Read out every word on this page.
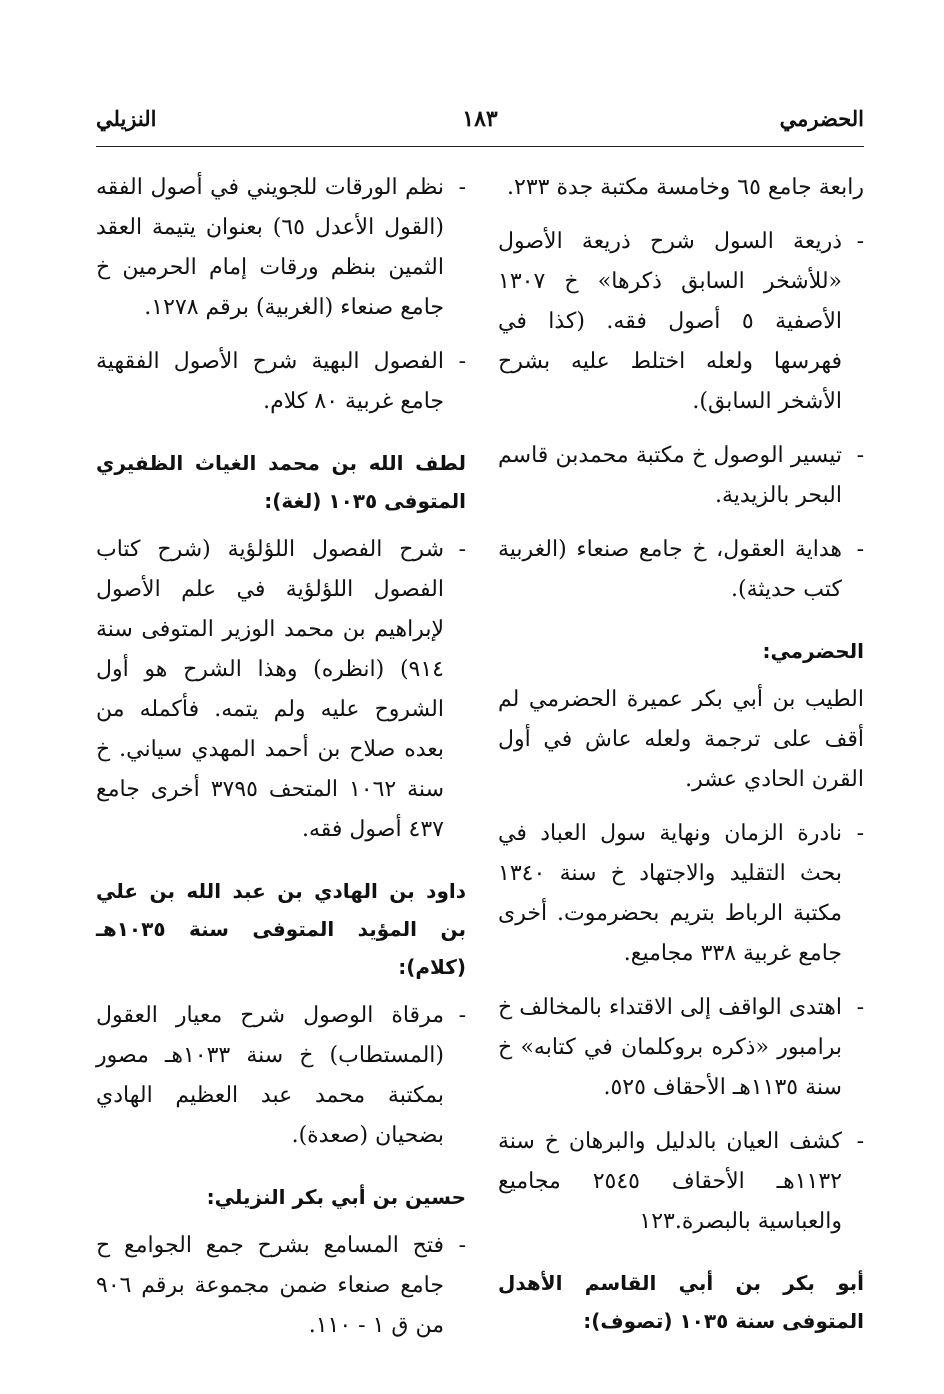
الحضرمي
١٨٣
النزيلي
رابعة جامع ٦٥ وخامسة مكتبة جدة ٢٣٣.
-
ذريعة السول شرح ذريعة الأصول «للأشخر السابق ذكرها» خ ١٣٠٧ الأصفية ٥ أصول فقه. (كذا في فهرسها ولعله اختلط عليه بشرح الأشخر السابق).
-
تيسير الوصول خ مكتبة محمدبن قاسم البحر بالزيدية.
-
هداية العقول، خ جامع صنعاء (الغربية كتب حديثة).
الحضرمي:
الطيب بن أبي بكر عميرة الحضرمي لم أقف على ترجمة ولعله عاش في أول القرن الحادي عشر.
-
نادرة الزمان ونهاية سول العباد في بحث التقليد والاجتهاد خ سنة ١٣٤٠ مكتبة الرباط بتريم بحضرموت. أخرى جامع غربية ٣٣٨ مجاميع.
-
اهتدى الواقف إلى الاقتداء بالمخالف خ برامبور «ذكره بروكلمان في كتابه» خ سنة ١١٣٥هـ الأحقاف ٥٢٥.
-
كشف العيان بالدليل والبرهان خ سنة ١١٣٢هـ الأحقاف ٢٥٤٥ مجاميع والعباسية بالبصرة.١٢٣
أبو بكر بن أبي القاسم الأهدل المتوفى سنة ١٠٣٥ (تصوف):
-
نظم الورقات للجويني في أصول الفقه (القول الأعدل ٦٥) بعنوان يتيمة العقد الثمين بنظم ورقات إمام الحرمين خ جامع صنعاء (الغربية) برقم ١٢٧٨.
-
الفصول البهية شرح الأصول الفقهية جامع غربية ٨٠ كلام.
لطف الله بن محمد الغياث الظفيري المتوفى ١٠٣٥ (لغة):
-
شرح الفصول اللؤلؤية (شرح كتاب الفصول اللؤلؤية في علم الأصول لإبراهيم بن محمد الوزير المتوفى سنة ٩١٤) (انظره) وهذا الشرح هو أول الشروح عليه ولم يتمه. فأكمله من بعده صلاح بن أحمد المهدي سياني. خ سنة ١٠٦٢ المتحف ٣٧٩٥ أخرى جامع ٤٣٧ أصول فقه.
داود بن الهادي بن عبد الله بن علي بن المؤيد المتوفى سنة ١٠٣٥هـ (كلام):
-
مرقاة الوصول شرح معيار العقول (المستطاب) خ سنة ١٠٣٣هـ مصور بمكتبة محمد عبد العظيم الهادي بضحيان (صعدة).
حسين بن أبي بكر النزيلي:
-
فتح المسامع بشرح جمع الجوامع ح جامع صنعاء ضمن مجموعة برقم ٩٠٦ من ق ١ - ١١٠.
